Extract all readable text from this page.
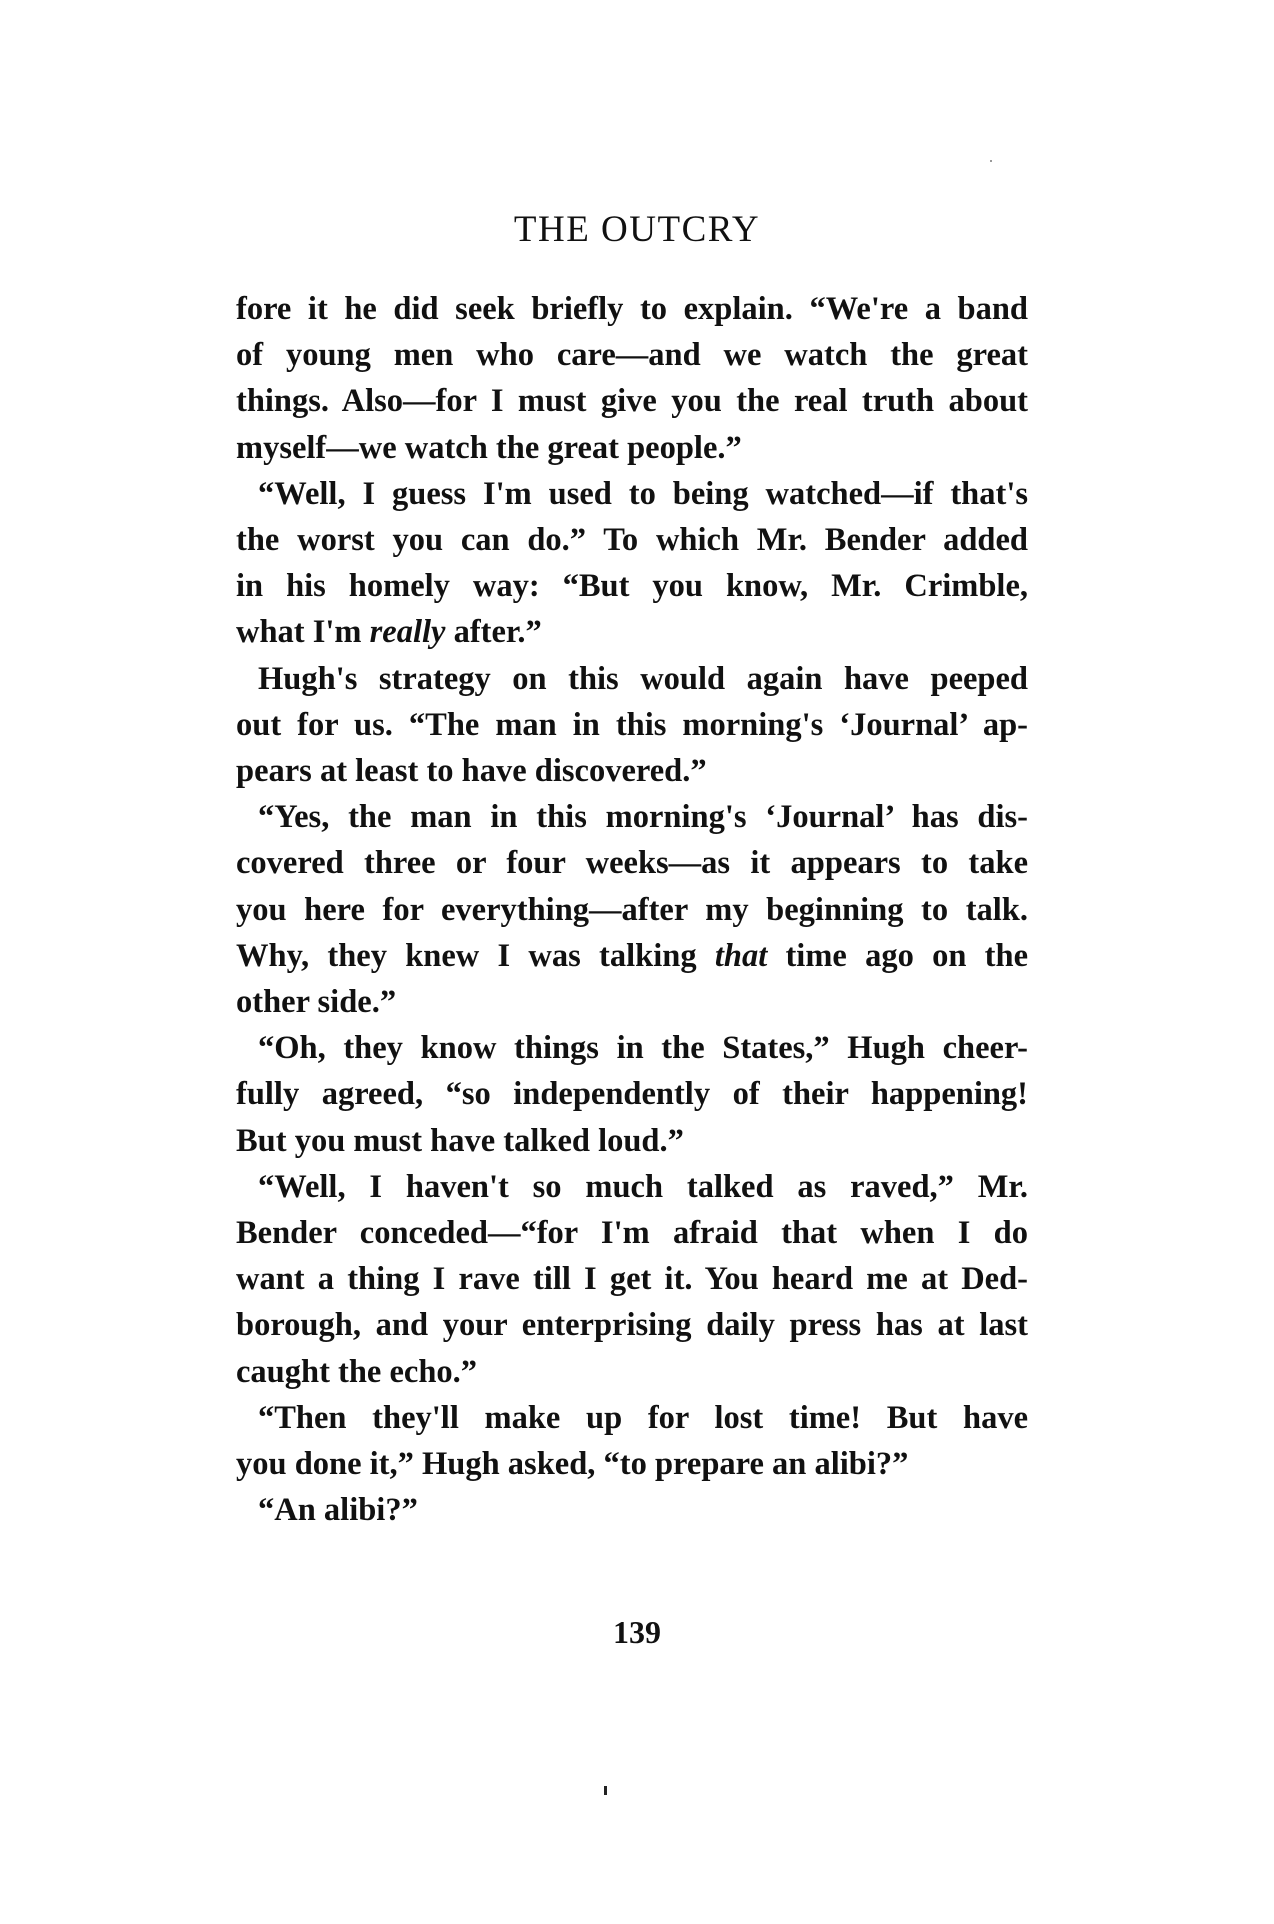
THE OUTCRY
fore it he did seek briefly to explain. “We're a band
of young men who care—and we watch the great
things. Also—for I must give you the real truth about
myself—we watch the great people.”
“Well, I guess I'm used to being watched—if that's
the worst you can do.” To which Mr. Bender added
in his homely way: “But you know, Mr. Crimble,
what I'm really after.”
Hugh's strategy on this would again have peeped
out for us. “The man in this morning's ‘Journal’ ap-
pears at least to have discovered.”
“Yes, the man in this morning's ‘Journal’ has dis-
covered three or four weeks—as it appears to take
you here for everything—after my beginning to talk.
Why, they knew I was talking that time ago on the
other side.”
“Oh, they know things in the States,” Hugh cheer-
fully agreed, “so independently of their happening!
But you must have talked loud.”
“Well, I haven't so much talked as raved,” Mr.
Bender conceded—“for I'm afraid that when I do
want a thing I rave till I get it. You heard me at Ded-
borough, and your enterprising daily press has at last
caught the echo.”
“Then they'll make up for lost time! But have
you done it,” Hugh asked, “to prepare an alibi?”
“An alibi?”
139
